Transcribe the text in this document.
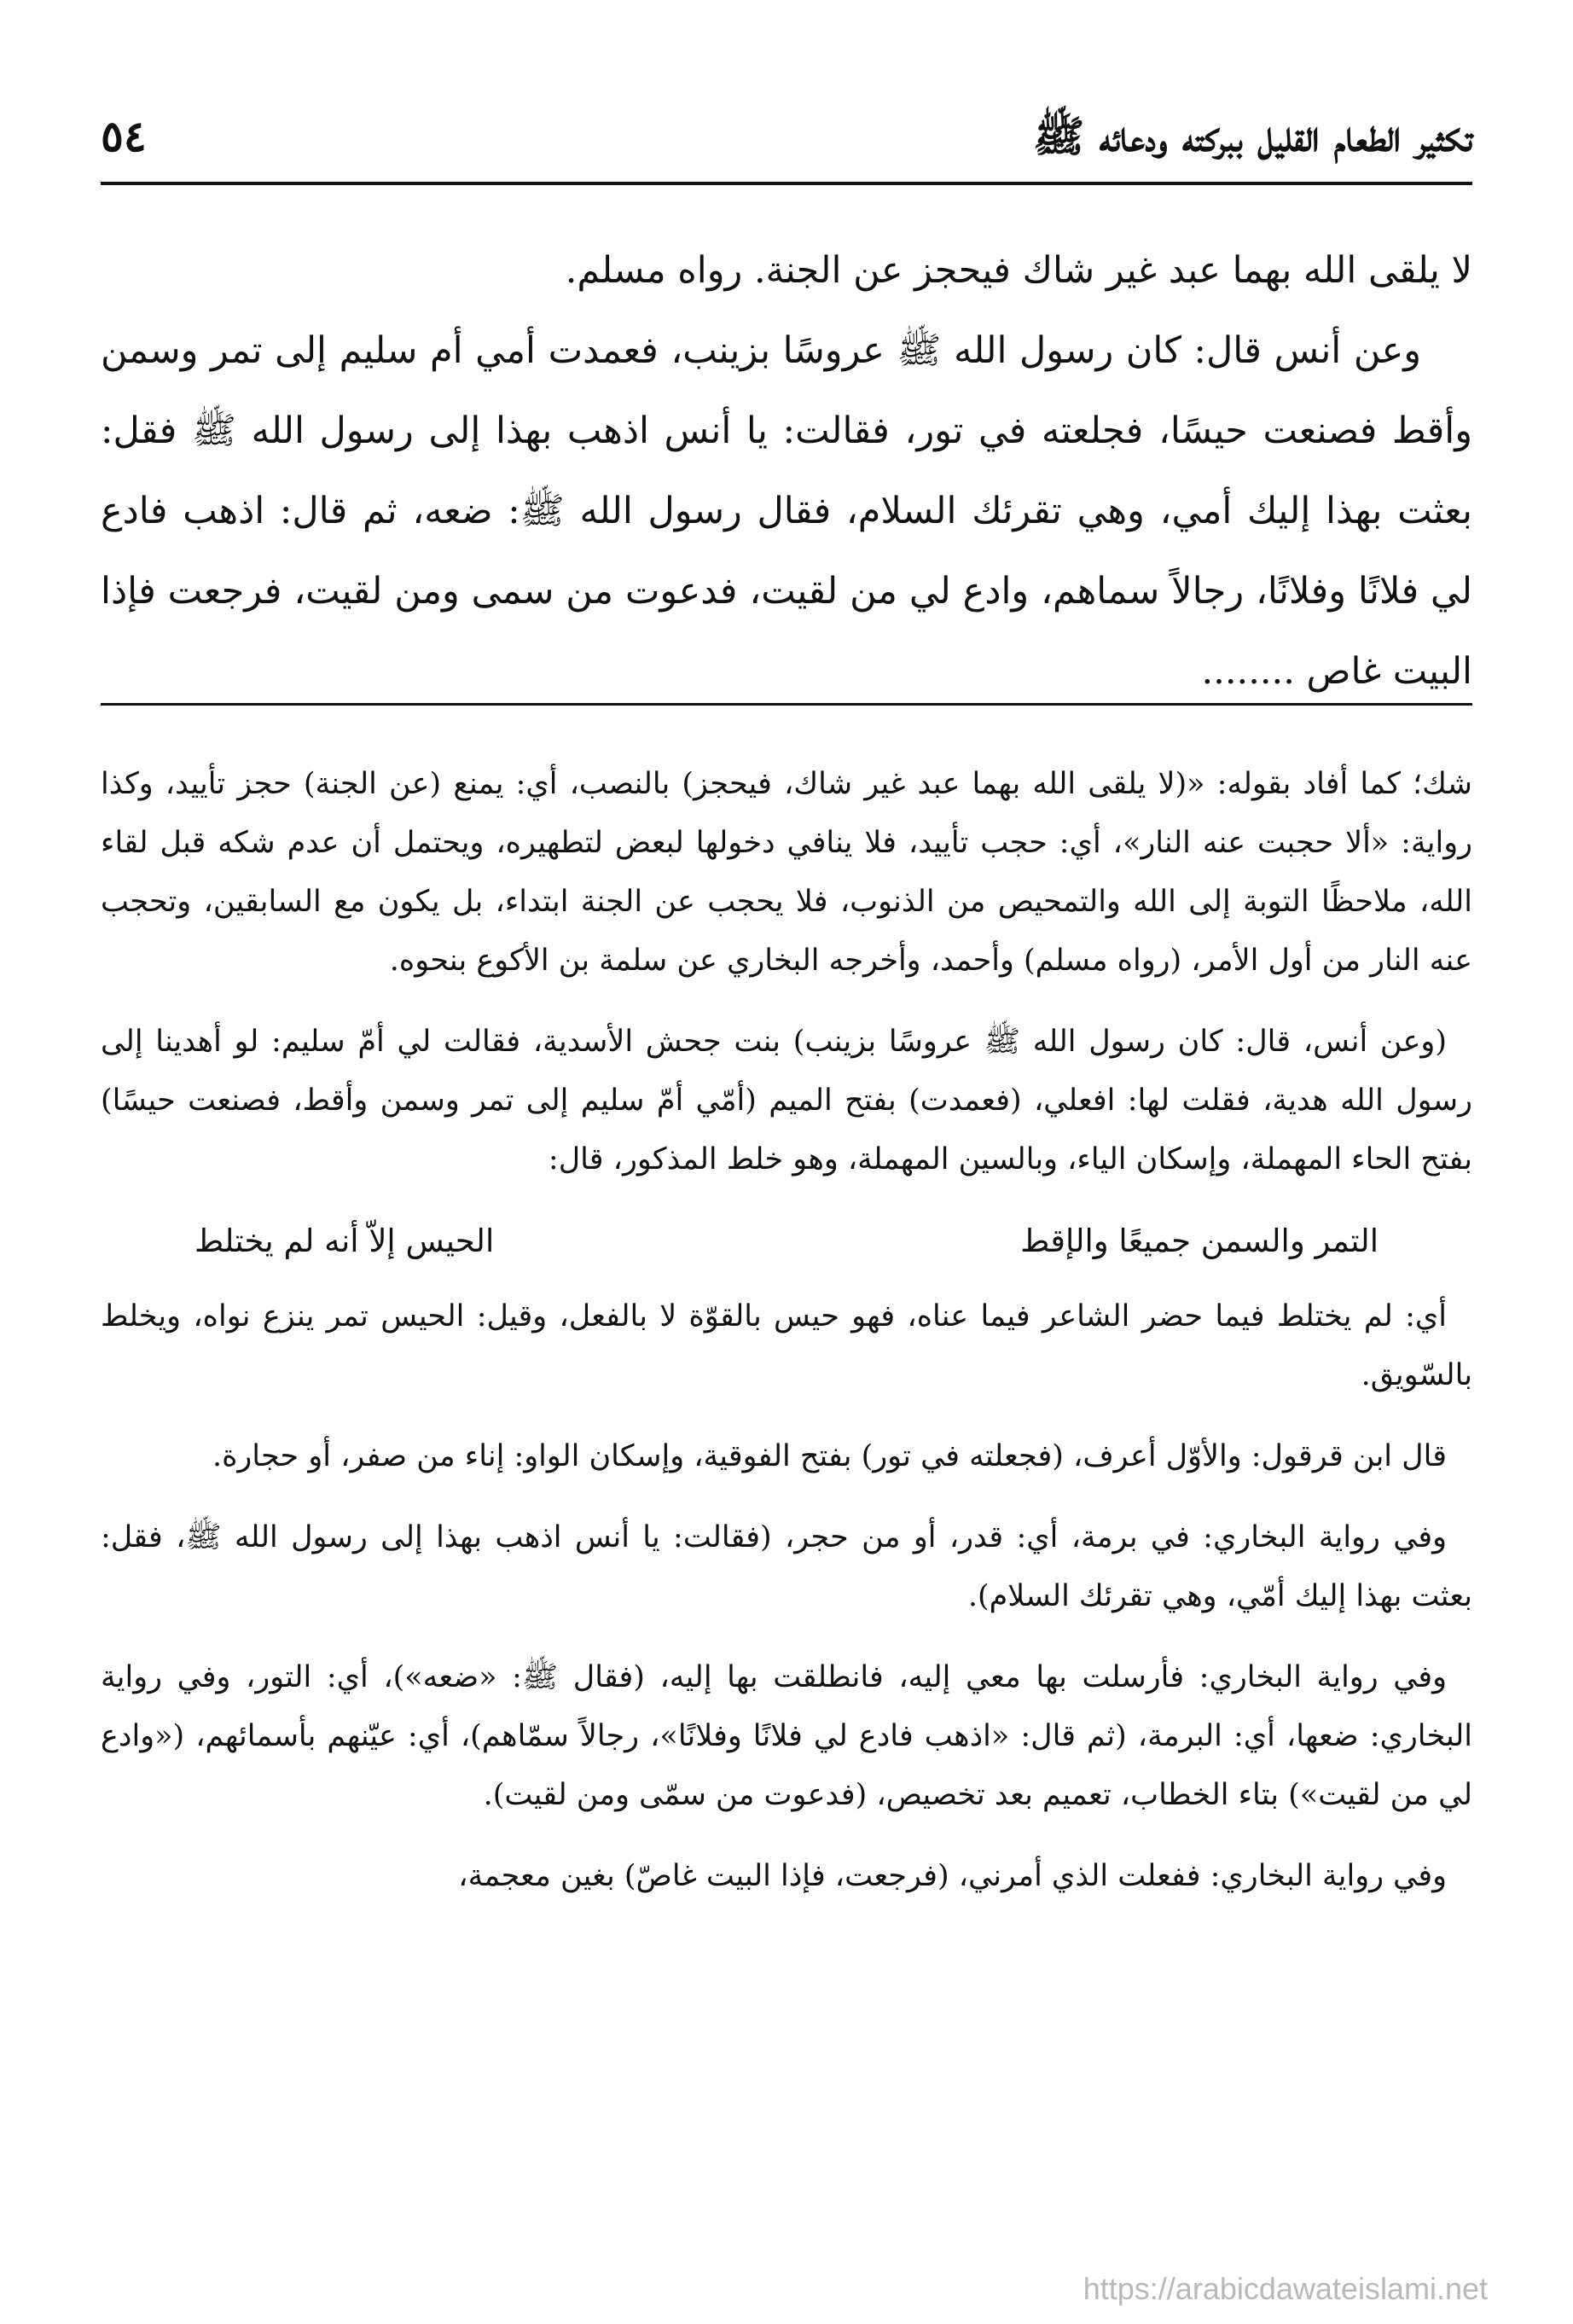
تكثير الطعام القليل ببركته ودعائه ﷺ
٥٤

لا يلقى الله بهما عبد غير شاك فيحجز عن الجنة. رواه مسلم.

وعن أنس قال: كان رسول الله ﷺ عروسًا بزينب، فعمدت أمي أم سليم إلى تمر وسمن وأقط فصنعت حيسًا، فجلعته في تور، فقالت: يا أنس اذهب بهذا إلى رسول الله ﷺ فقل: بعثت بهذا إليك أمي، وهي تقرئك السلام، فقال رسول الله ﷺ: ضعه، ثم قال: اذهب فادع لي فلانًا وفلانًا، رجالاً سماهم، وادع لي من لقيت، فدعوت من سمى ومن لقيت، فرجعت فإذا البيت غاص ........

شك؛ كما أفاد بقوله: «(لا يلقى الله بهما عبد غير شاك، فيحجز) بالنصب، أي: يمنع (عن الجنة) حجز تأييد، وكذا رواية: «ألا حجبت عنه النار»، أي: حجب تأييد، فلا ينافي دخولها لبعض لتطهيره، ويحتمل أن عدم شكه قبل لقاء الله، ملاحظًا التوبة إلى الله والتمحيص من الذنوب، فلا يحجب عن الجنة ابتداء، بل يكون مع السابقين، وتحجب عنه النار من أول الأمر، (رواه مسلم) وأحمد، وأخرجه البخاري عن سلمة بن الأكوع بنحوه.

(وعن أنس، قال: كان رسول الله ﷺ عروسًا بزينب) بنت جحش الأسدية، فقالت لي أمّ سليم: لو أهدينا إلى رسول الله هدية، فقلت لها: افعلي، (فعمدت) بفتح الميم (أمّي أمّ سليم إلى تمر وسمن وأقط، فصنعت حيسًا) بفتح الحاء المهملة، وإسكان الياء، وبالسين المهملة، وهو خلط المذكور، قال:

التمر والسمن جميعًا والإقط
الحيس إلاّ أنه لم يختلط

أي: لم يختلط فيما حضر الشاعر فيما عناه، فهو حيس بالقوّة لا بالفعل، وقيل: الحيس تمر ينزع نواه، ويخلط بالسّويق.

قال ابن قرقول: والأوّل أعرف، (فجعلته في تور) بفتح الفوقية، وإسكان الواو: إناء من صفر، أو حجارة.

وفي رواية البخاري: في برمة، أي: قدر، أو من حجر، (فقالت: يا أنس اذهب بهذا إلى رسول الله ﷺ، فقل: بعثت بهذا إليك أمّي، وهي تقرئك السلام).

وفي رواية البخاري: فأرسلت بها معي إليه، فانطلقت بها إليه، (فقال ﷺ: «ضعه»)، أي: التور، وفي رواية البخاري: ضعها، أي: البرمة، (ثم قال: «اذهب فادع لي فلانًا وفلانًا»، رجالاً سمّاهم)، أي: عيّنهم بأسمائهم، («وادع لي من لقيت») بتاء الخطاب، تعميم بعد تخصيص، (فدعوت من سمّى ومن لقيت).

وفي رواية البخاري: ففعلت الذي أمرني، (فرجعت، فإذا البيت غاصّ) بغين معجمة،

https://arabicdawateislami.net
